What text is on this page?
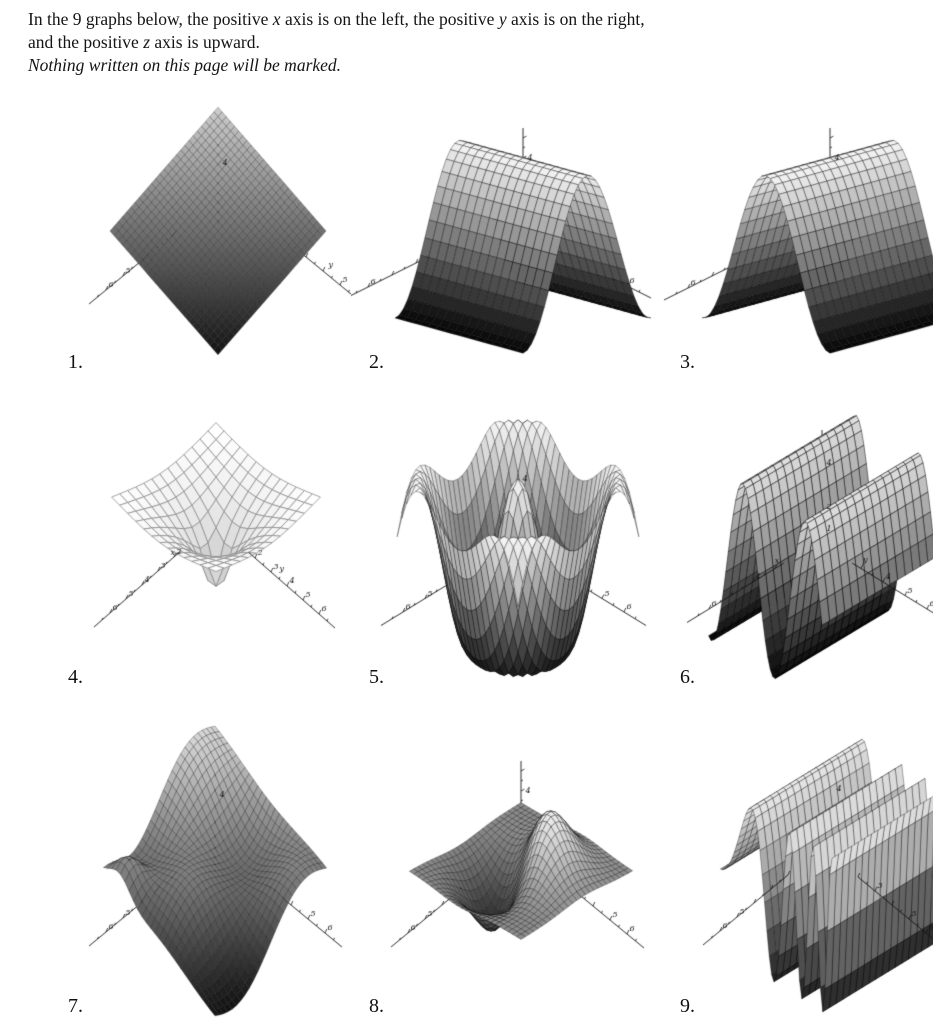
In the 9 graphs below, the positive x axis is on the left, the positive y axis is on the right,
and the positive z axis is upward.
Nothing written on this page will be marked.
1.	2.	3.
4.	5.	6.
7.	8.	9.
